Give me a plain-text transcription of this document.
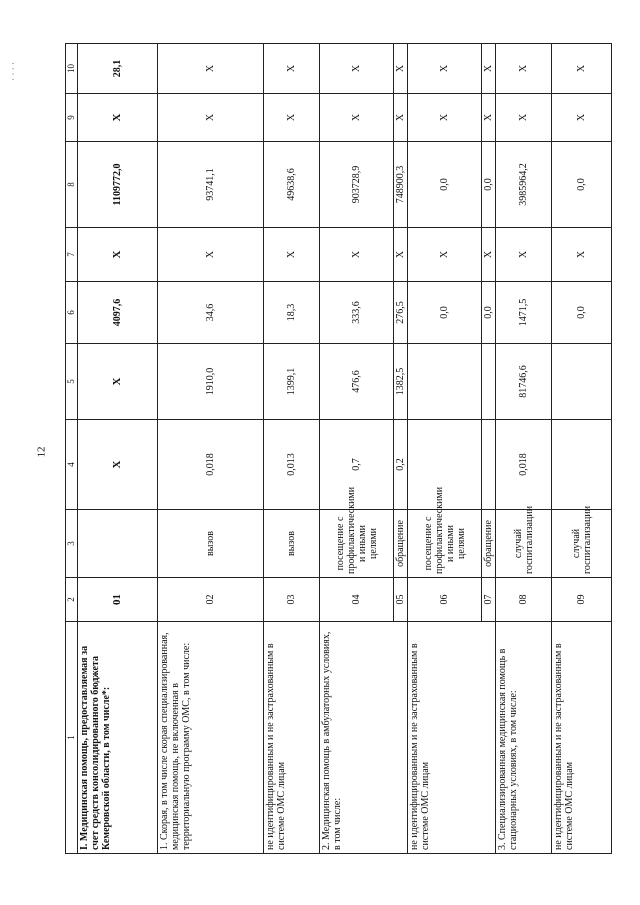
· · · ·
12
1	2	3	4	5	6	7	8	9	10
I. Медицинская помощь, предоставляемая за счет средств консолидированного бюджета Кемеровской области, в том числе*:	01		X	X	4097,6	X	1109772,0	X	28,1
1. Скорая, в том числе скорая специализированная, медицинская помощь, не включенная в территориальную программу ОМС, в том числе:	02	вызов	0,018	1910,0	34,6	X	93741,1	X	X
не идентифицированным и не застрахованным в системе ОМС лицам	03	вызов	0,013	1399,1	18,3	X	49638,6	X	X
2. Медицинская помощь в амбулаторных условиях, в том числе:	04	посещение с профилактическими и иными целями	0,7	476,6	333,6	X	903728,9	X	X
	05	обращение	0,2	1382,5	276,5	X	748900,3	X	X
не идентифицированным и не застрахованным в системе ОМС лицам	06	посещение с профилактическими и иными целями			0,0	X	0,0	X	X
	07	обращение			0,0	X	0,0	X	X
3. Специализированная медицинская помощь в стационарных условиях, в том числе:	08	случай госпитализации	0,018	81746,6	1471,5	X	3985964,2	X	X
не идентифицированным и не застрахованным в системе ОМС лицам	09	случай госпитализации			0,0	X	0,0	X	X
